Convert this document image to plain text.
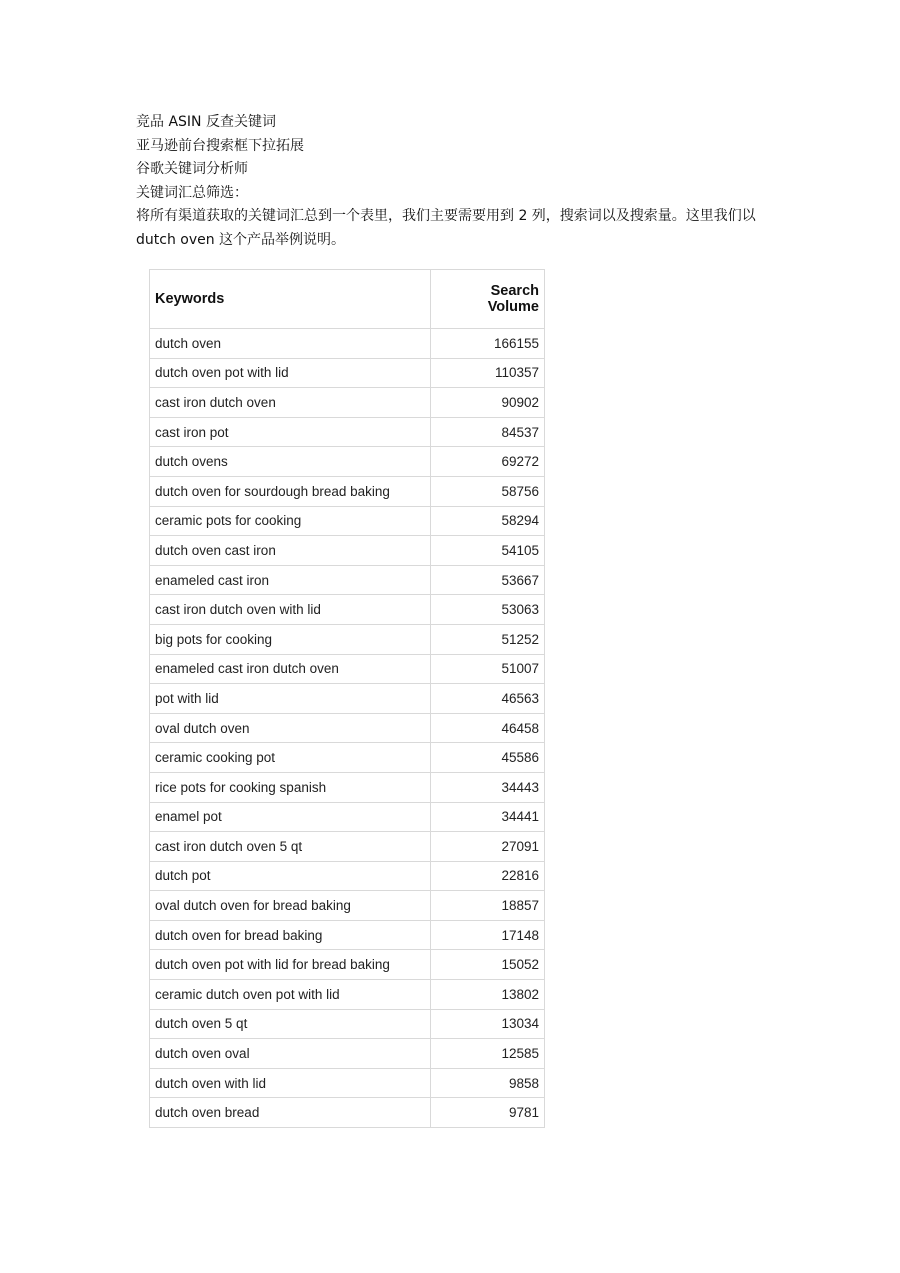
竞品 ASIN 反查关键词

亚马逊前台搜索框下拉拓展

谷歌关键词分析师

关键词汇总筛选：

将所有渠道获取的关键词汇总到一个表里，我们主要需要用到 2 列，搜索词以及搜索量。这里我们以 dutch oven 这个产品举例说明。

Keywords	Search Volume
dutch oven	166155
dutch oven pot with lid	110357
cast iron dutch oven	90902
cast iron pot	84537
dutch ovens	69272
dutch oven for sourdough bread baking	58756
ceramic pots for cooking	58294
dutch oven cast iron	54105
enameled cast iron	53667
cast iron dutch oven with lid	53063
big pots for cooking	51252
enameled cast iron dutch oven	51007
pot with lid	46563
oval dutch oven	46458
ceramic cooking pot	45586
rice pots for cooking spanish	34443
enamel pot	34441
cast iron dutch oven 5 qt	27091
dutch pot	22816
oval dutch oven for bread baking	18857
dutch oven for bread baking	17148
dutch oven pot with lid for bread baking	15052
ceramic dutch oven pot with lid	13802
dutch oven 5 qt	13034
dutch oven oval	12585
dutch oven with lid	9858
dutch oven bread	9781
